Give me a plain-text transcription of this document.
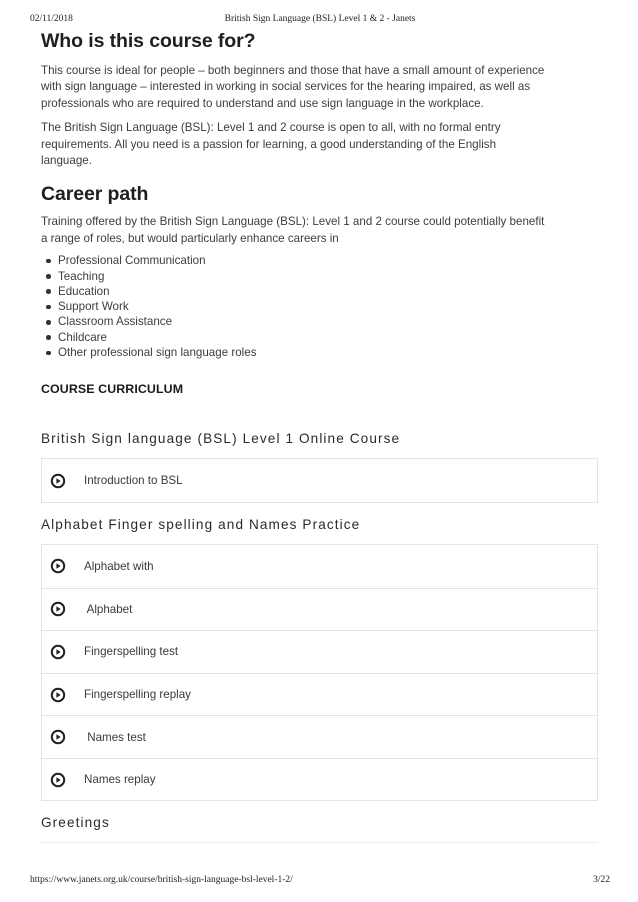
02/11/2018	British Sign Language (BSL) Level 1 & 2 - Janets
Who is this course for?

This course is ideal for people – both beginners and those that have a small amount of experience
with sign language – interested in working in social services for the hearing impaired, as well as
professionals who are required to understand and use sign language in the workplace.

The British Sign Language (BSL): Level 1 and 2 course is open to all, with no formal entry
requirements. All you need is a passion for learning, a good understanding of the English
language.

Career path

Training offered by the British Sign Language (BSL): Level 1 and 2 course could potentially benefit
a range of roles, but would particularly enhance careers in

Professional Communication
Teaching
Education
Support Work
Classroom Assistance
Childcare
Other professional sign language roles
COURSE CURRICULUM
British Sign language (BSL) Level 1 Online Course
Introduction to BSL
Alphabet Finger spelling and Names Practice
Alphabet with
Alphabet
Fingerspelling test
Fingerspelling replay
Names test
Names replay
Greetings
https://www.janets.org.uk/course/british-sign-language-bsl-level-1-2/	3/22
